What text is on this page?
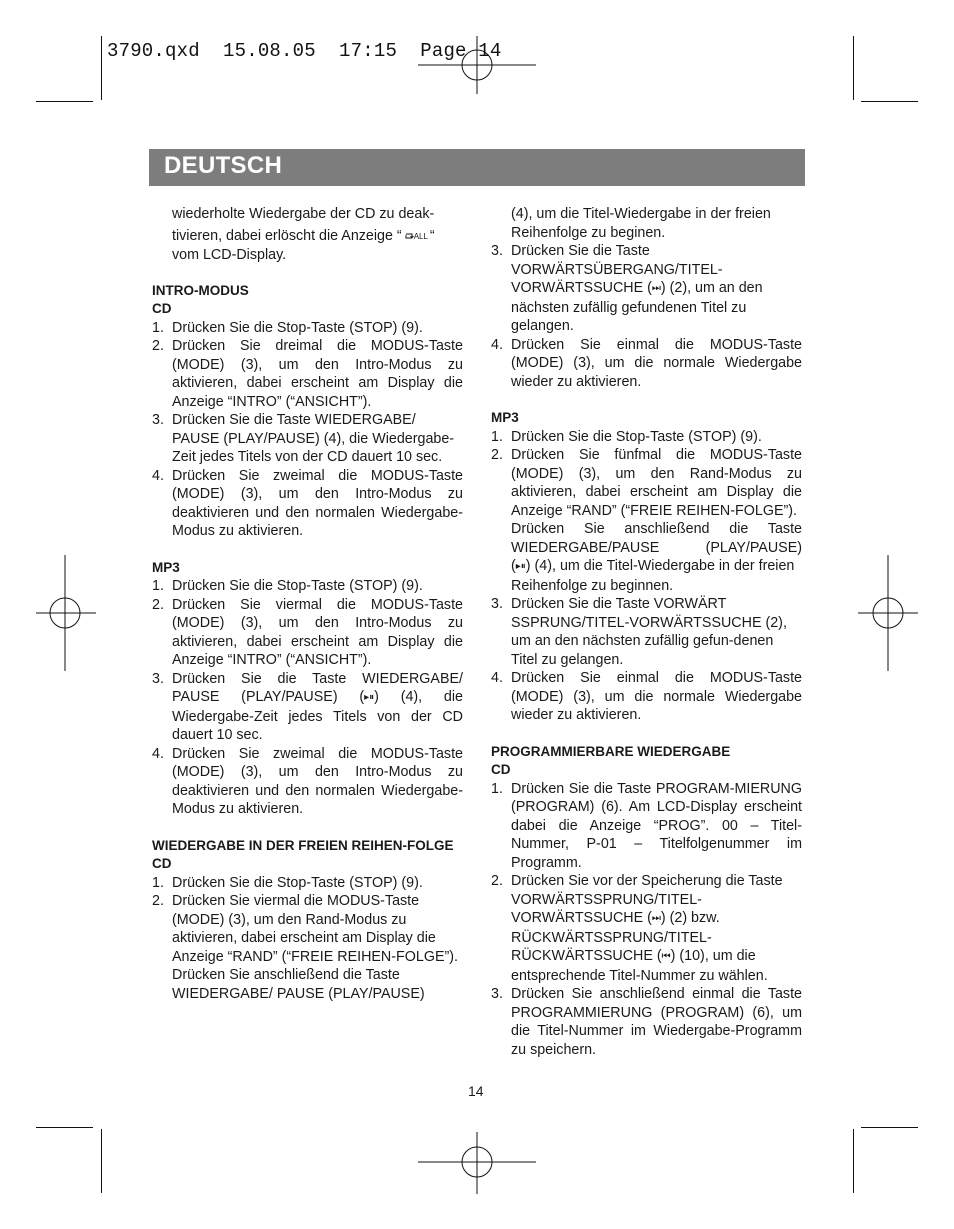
3790.qxd  15.08.05  17:15  Page 14
DEUTSCH

wiederholte Wiedergabe der CD zu deak-

tivieren, dabei erlöscht die Anzeige “ ALL “

vom LCD-Display.

INTRO-MODUS

CD

1. Drücken Sie die Stop-Taste (STOP) (9).
2. Drücken Sie dreimal die MODUS-Taste (MODE) (3), um den Intro-Modus zu aktivieren, dabei erscheint am Display die Anzeige “INTRO” (“ANSICHT”).
3. Drücken Sie die Taste WIEDERGABE/ PAUSE (PLAY/PAUSE) (4), die Wiedergabe-Zeit jedes Titels von der CD dauert 10 sec.
4. Drücken Sie zweimal die MODUS-Taste (MODE) (3), um den Intro-Modus zu deaktivieren und den normalen Wiedergabe-Modus zu aktivieren.

MP3

1. Drücken Sie die Stop-Taste (STOP) (9).
2. Drücken Sie viermal die MODUS-Taste (MODE) (3), um den Intro-Modus zu aktivieren, dabei erscheint am Display die Anzeige “INTRO” (“ANSICHT”).
3. Drücken Sie die Taste WIEDERGABE/ PAUSE (PLAY/PAUSE) (▸⏸) (4), die Wiedergabe-Zeit jedes Titels von der CD dauert 10 sec.
4. Drücken Sie zweimal die MODUS-Taste (MODE) (3), um den Intro-Modus zu deaktivieren und den normalen Wiedergabe-Modus zu aktivieren.

WIEDERGABE IN DER FREIEN REIHEN-FOLGE

CD

1. Drücken Sie die Stop-Taste (STOP) (9).
2. Drücken Sie viermal die MODUS-Taste (MODE) (3), um den Rand-Modus zu aktivieren, dabei erscheint am Display die Anzeige “RAND” (“FREIE REIHEN-FOLGE”).

Drücken Sie anschließend die Taste WIEDERGABE/ PAUSE (PLAY/PAUSE)

(4), um die Titel-Wiedergabe in der freien Reihenfolge zu beginen.

3. Drücken Sie die Taste VORWÄRTSÜBERGANG/TITEL-VORWÄRTSSUCHE (⏭) (2), um an den nächsten zufällig gefundenen Titel zu gelangen.
4. Drücken Sie einmal die MODUS-Taste (MODE) (3), um die normale Wiedergabe wieder zu aktivieren.

MP3

1. Drücken Sie die Stop-Taste (STOP) (9).
2. Drücken Sie fünfmal die MODUS-Taste (MODE) (3), um den Rand-Modus zu aktivieren, dabei erscheint am Display die Anzeige “RAND” (“FREIE REIHEN-FOLGE”).

Drücken Sie anschließend die Taste WIEDERGABE/PAUSE (PLAY/PAUSE)

(▸⏸) (4), um die Titel-Wiedergabe in der freien Reihenfolge zu beginnen.

3. Drücken Sie die Taste VORWÄRT SSPRUNG/TITEL-VORWÄRTSSUCHE (2), um an den nächsten zufällig gefun-denen Titel zu gelangen.
4. Drücken Sie einmal die MODUS-Taste (MODE) (3), um die normale Wiedergabe wieder zu aktivieren.

PROGRAMMIERBARE WIEDERGABE

CD

1. Drücken Sie die Taste PROGRAM-MIERUNG (PROGRAM) (6). Am LCD-Display erscheint dabei die Anzeige “PROG”. 00 – Titel-Nummer, P-01 – Titelfolgenummer im Programm.
2. Drücken Sie vor der Speicherung die Taste VORWÄRTSSPRUNG/TITEL-VORWÄRTSSUCHE (⏭) (2) bzw. RÜCKWÄRTSSPRUNG/TITEL-RÜCKWÄRTSSUCHE (⏮) (10), um die entsprechende Titel-Nummer zu wählen.
3. Drücken Sie anschließend einmal die Taste PROGRAMMIERUNG (PROGRAM) (6), um die Titel-Nummer im Wiedergabe-Programm zu speichern.
14
